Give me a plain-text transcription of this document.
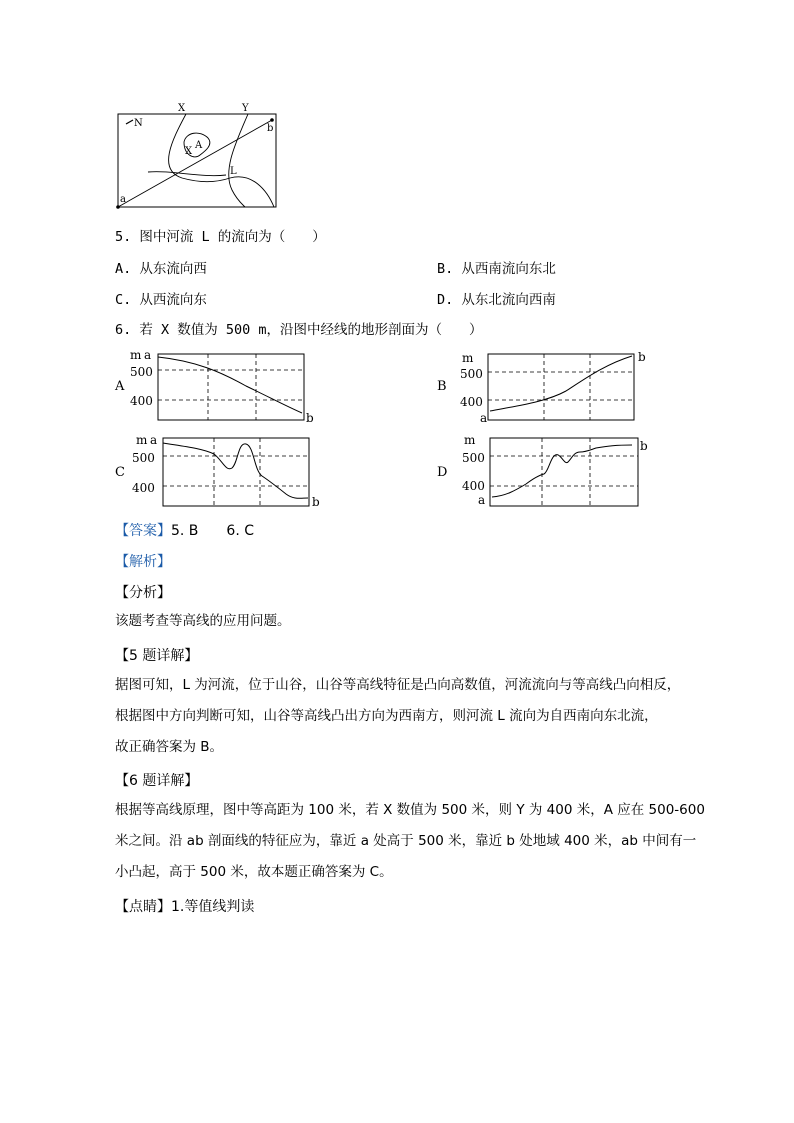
N
X	Y
b
a
A
X
L
5. 图中河流 L 的流向为（　　）
A. 从东流向西	B. 从西南流向东北
C. 从西流向东	D. 从东北流向西南
6. 若 X 数值为 500 m，沿图中经线的地形剖面为（　　）
A
m a
500
400
b
B
m
500
400
a
b
C
m a
500
400
b
D
m
500
400
a
b
【答案】5. B　　6. C
【解析】
【分析】
该题考查等高线的应用问题。
【5 题详解】
据图可知，L 为河流，位于山谷，山谷等高线特征是凸向高数值，河流流向与等高线凸向相反，
根据图中方向判断可知，山谷等高线凸出方向为西南方，则河流 L 流向为自西南向东北流，
故正确答案为 B。
【6 题详解】
根据等高线原理，图中等高距为 100 米，若 X 数值为 500 米，则 Y 为 400 米，A 应在 500-600
米之间。沿 ab 剖面线的特征应为，靠近 a 处高于 500 米，靠近 b 处地域 400 米，ab 中间有一
小凸起，高于 500 米，故本题正确答案为 C。
【点睛】1.等值线判读
